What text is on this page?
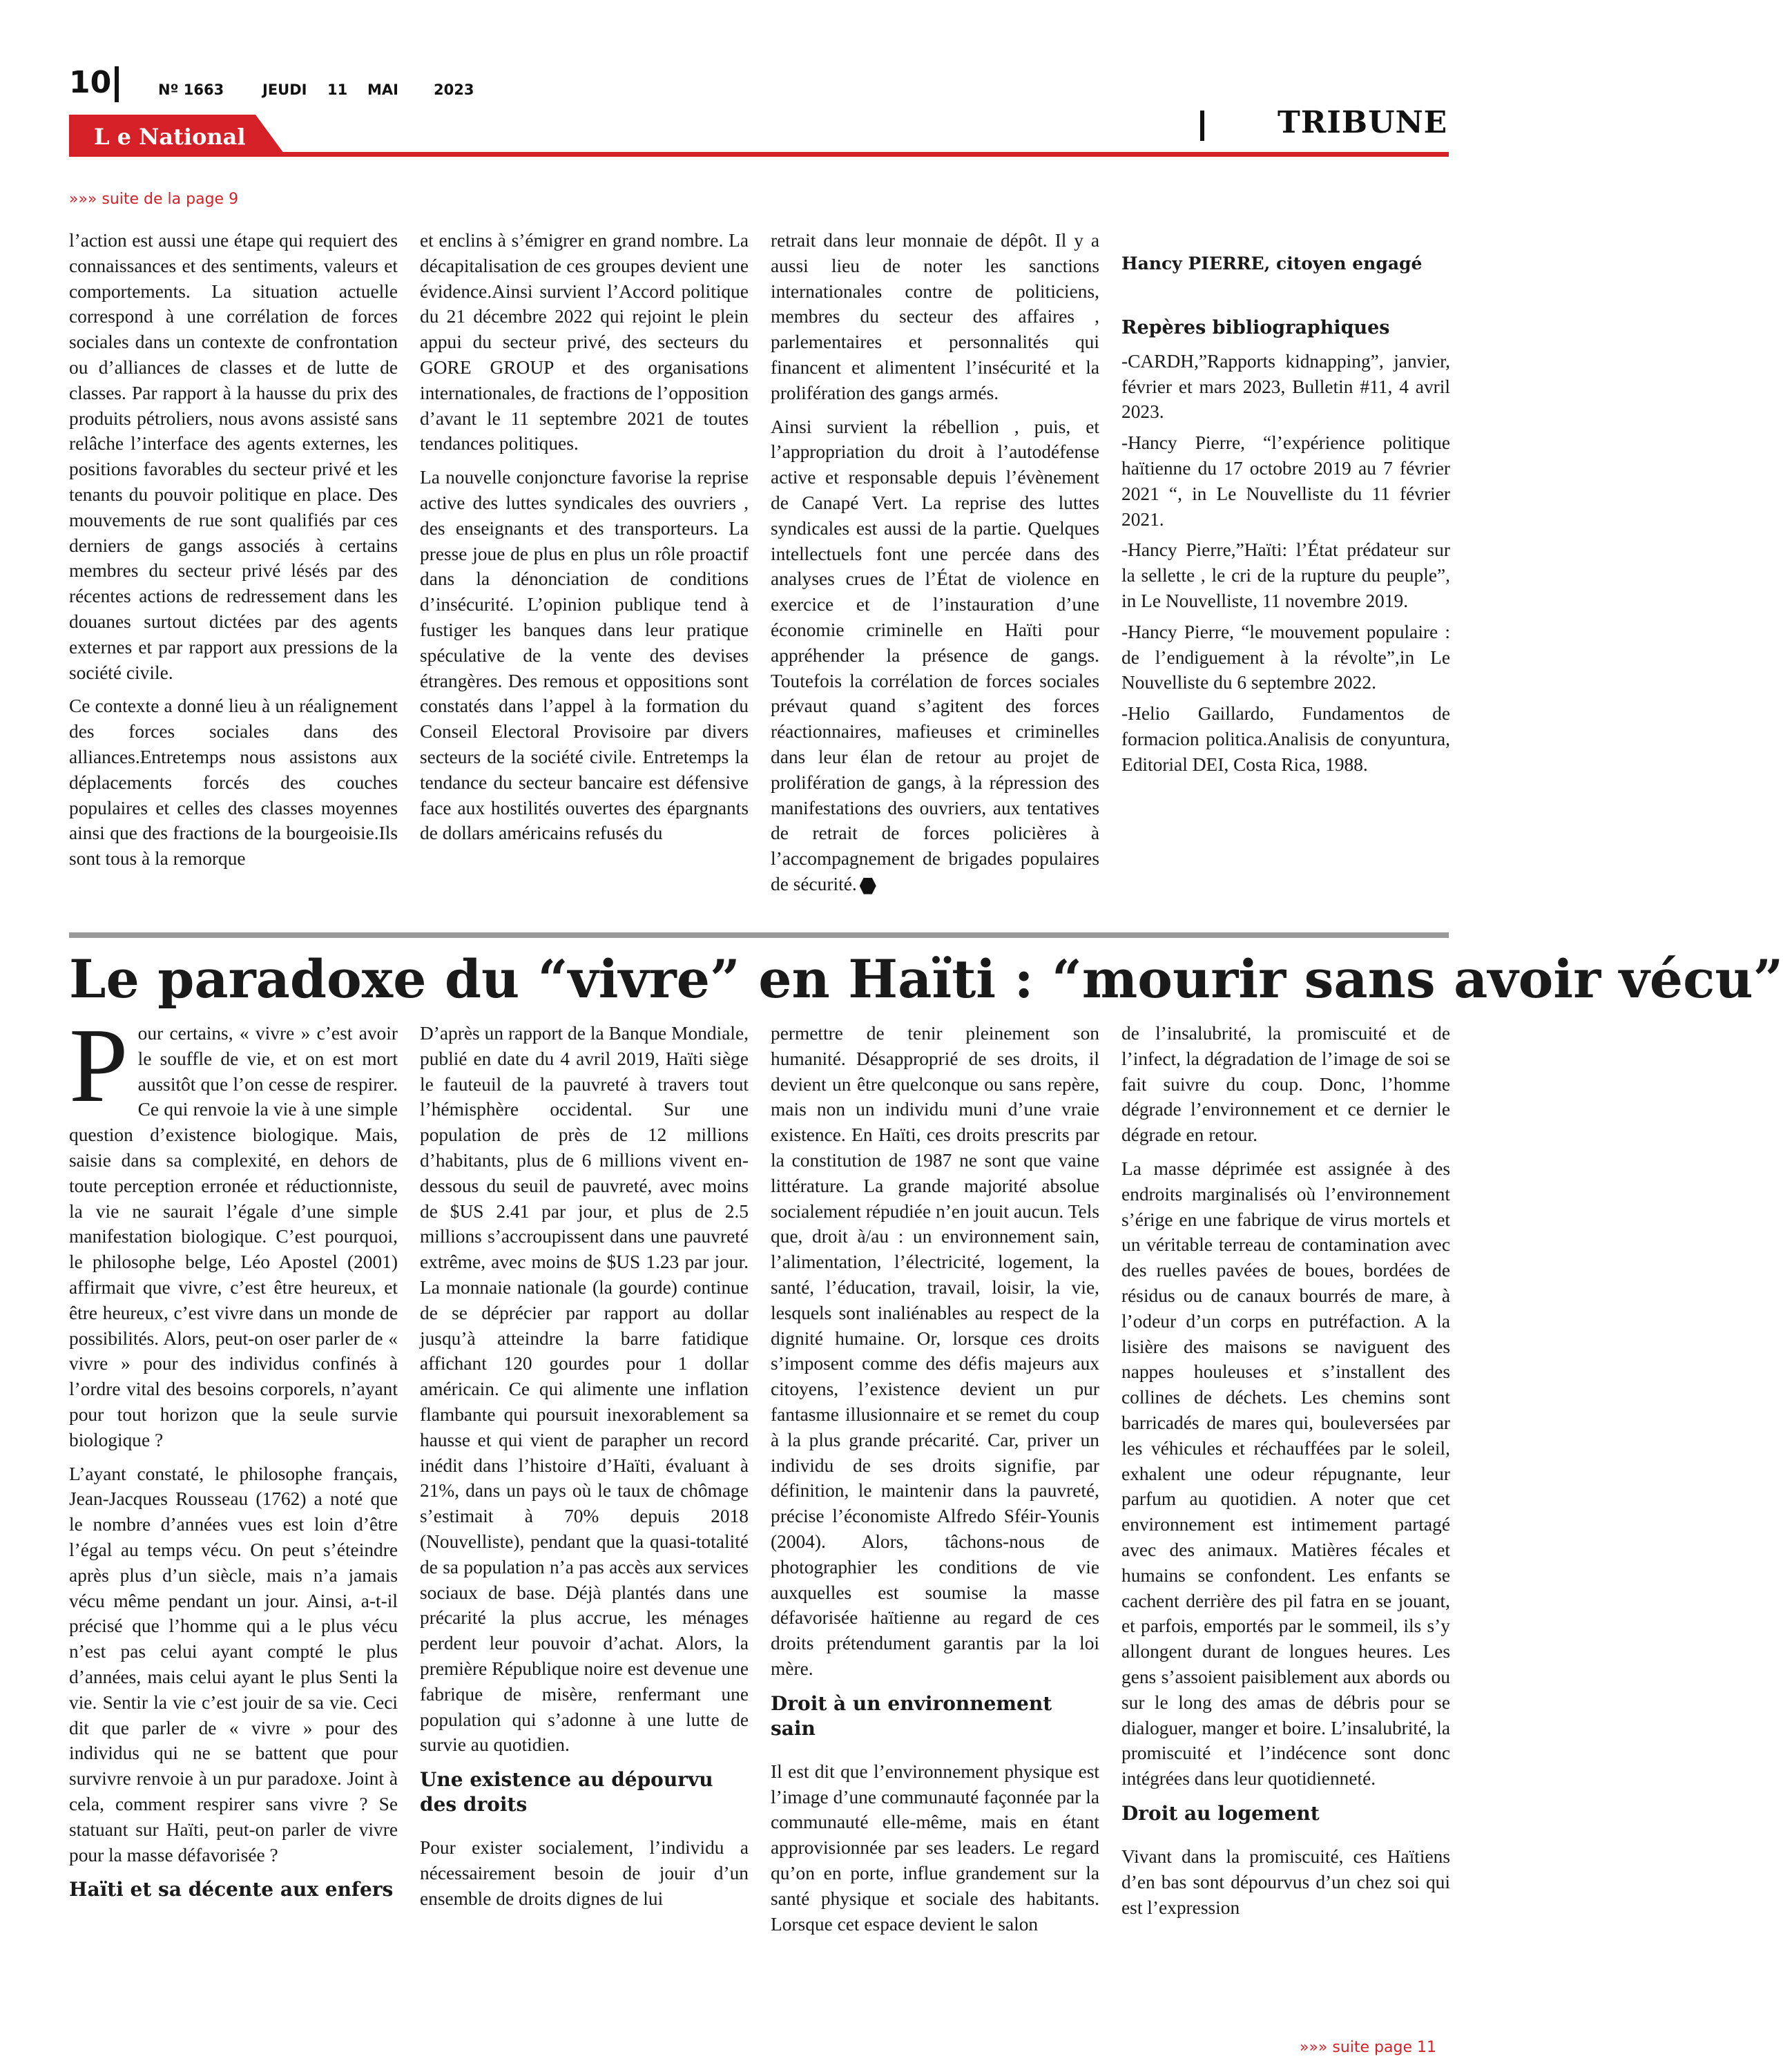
10	Nº 1663	JEUDI 11 MAI 2023
L e National	TRIBUNE
»»» suite de la page 9

l’action est aussi une étape qui requiert des connaissances et des sentiments, valeurs et comportements. La situation actuelle correspond à une corrélation de forces sociales dans un contexte de confrontation ou d’alliances de classes et de lutte de classes. Par rapport à la hausse du prix des produits pétroliers, nous avons assisté sans relâche l’interface des agents externes, les positions favorables du secteur privé et les tenants du pouvoir politique en place. Des mouvements de rue sont qualifiés par ces derniers de gangs associés à certains membres du secteur privé lésés par des récentes actions de redressement dans les douanes surtout dictées par des agents externes et par rapport aux pressions de la société civile.

Ce contexte a donné lieu à un réalignement des forces sociales dans des alliances.Entretemps nous assistons aux déplacements forcés des couches populaires et celles des classes moyennes ainsi que des fractions de la bourgeoisie.Ils sont tous à la remorque

et enclins à s’émigrer en grand nombre. La décapitalisation de ces groupes devient une évidence.Ainsi survient l’Accord politique du 21 décembre 2022 qui rejoint le plein appui du secteur privé, des secteurs du GORE GROUP et des organisations internationales, de fractions de l’opposition d’avant le 11 septembre 2021 de toutes tendances politiques.

La nouvelle conjoncture favorise la reprise active des luttes syndicales des ouvriers , des enseignants et des transporteurs. La presse joue de plus en plus un rôle proactif dans la dénonciation de conditions d’insécurité. L’opinion publique tend à fustiger les banques dans leur pratique spéculative de la vente des devises étrangères. Des remous et oppositions sont constatés dans l’appel à la formation du Conseil Electoral Provisoire par divers secteurs de la société civile. Entretemps la tendance du secteur bancaire est défensive face aux hostilités ouvertes des épargnants de dollars américains refusés du

retrait dans leur monnaie de dépôt. Il y a aussi lieu de noter les sanctions internationales contre de politiciens, membres du secteur des affaires , parlementaires et personnalités qui financent et alimentent l’insécurité et la prolifération des gangs armés.

Ainsi survient la rébellion , puis, et l’appropriation du droit à l’autodéfense active et responsable depuis l’évènement de Canapé Vert. La reprise des luttes syndicales est aussi de la partie. Quelques intellectuels font une percée dans des analyses crues de l’État de violence en exercice et de l’instauration d’une économie criminelle en Haïti pour appréhender la présence de gangs. Toutefois la corrélation de forces sociales prévaut quand s’agitent des forces réactionnaires, mafieuses et criminelles dans leur élan de retour au projet de prolifération de gangs, à la répression des manifestations des ouvriers, aux tentatives de retrait de forces policières à l’accompagnement de brigades populaires de sécurité.

Hancy PIERRE, citoyen engagé

Repères bibliographiques

-CARDH,”Rapports kidnapping”, janvier, février et mars 2023, Bulletin #11, 4 avril 2023.

-Hancy Pierre, “l’expérience politique haïtienne du 17 octobre 2019 au 7 février 2021 “, in Le Nouvelliste du 11 février 2021.

-Hancy Pierre,”Haïti: l’État prédateur sur la sellette , le cri de la rupture du peuple”, in Le Nouvelliste, 11 novembre 2019.

-Hancy Pierre, “le mouvement populaire : de l’endiguement à la révolte”,in Le Nouvelliste du 6 septembre 2022.

-Helio Gaillardo, Fundamentos de formacion politica.Analisis de conyuntura, Editorial DEI, Costa Rica, 1988.

Le paradoxe du “vivre” en Haïti : “mourir sans avoir vécu”

Pour certains, « vivre » c’est avoir le souffle de vie, et on est mort aussitôt que l’on cesse de respirer. Ce qui renvoie la vie à une simple question d’existence biologique. Mais, saisie dans sa complexité, en dehors de toute perception erronée et réductionniste, la vie ne saurait l’égale d’une simple manifestation biologique. C’est pourquoi, le philosophe belge, Léo Apostel (2001) affirmait que vivre, c’est être heureux, et être heureux, c’est vivre dans un monde de possibilités. Alors, peut-on oser parler de « vivre » pour des individus confinés à l’ordre vital des besoins corporels, n’ayant pour tout horizon que la seule survie biologique ?

L’ayant constaté, le philosophe français, Jean-Jacques Rousseau (1762) a noté que le nombre d’années vues est loin d’être l’égal au temps vécu. On peut s’éteindre après plus d’un siècle, mais n’a jamais vécu même pendant un jour. Ainsi, a-t-il précisé que l’homme qui a le plus vécu n’est pas celui ayant compté le plus d’années, mais celui ayant le plus Senti la vie. Sentir la vie c’est jouir de sa vie. Ceci dit que parler de « vivre » pour des individus qui ne se battent que pour survivre renvoie à un pur paradoxe. Joint à cela, comment respirer sans vivre ? Se statuant sur Haïti, peut-on parler de vivre pour la masse défavorisée ?

Haïti et sa décente aux enfers

D’après un rapport de la Banque Mondiale, publié en date du 4 avril 2019, Haïti siège le fauteuil de la pauvreté à travers tout l’hémisphère occidental. Sur une population de près de 12 millions d’habitants, plus de 6 millions vivent en-dessous du seuil de pauvreté, avec moins de $US 2.41 par jour, et plus de 2.5 millions s’accroupissent dans une pauvreté extrême, avec moins de $US 1.23 par jour. La monnaie nationale (la gourde) continue de se déprécier par rapport au dollar jusqu’à atteindre la barre fatidique affichant 120 gourdes pour 1 dollar américain. Ce qui alimente une inflation flambante qui poursuit inexorablement sa hausse et qui vient de parapher un record inédit dans l’histoire d’Haïti, évaluant à 21%, dans un pays où le taux de chômage s’estimait à 70% depuis 2018 (Nouvelliste), pendant que la quasi-totalité de sa population n’a pas accès aux services sociaux de base. Déjà plantés dans une précarité la plus accrue, les ménages perdent leur pouvoir d’achat. Alors, la première République noire est devenue une fabrique de misère, renfermant une population qui s’adonne à une lutte de survie au quotidien.

Une existence au dépourvu des droits

Pour exister socialement, l’individu a nécessairement besoin de jouir d’un ensemble de droits dignes de lui

permettre de tenir pleinement son humanité. Désapproprié de ses droits, il devient un être quelconque ou sans repère, mais non un individu muni d’une vraie existence. En Haïti, ces droits prescrits par la constitution de 1987 ne sont que vaine littérature. La grande majorité absolue socialement répudiée n’en jouit aucun. Tels que, droit à/au : un environnement sain, l’alimentation, l’électricité, logement, la santé, l’éducation, travail, loisir, la vie, lesquels sont inaliénables au respect de la dignité humaine. Or, lorsque ces droits s’imposent comme des défis majeurs aux citoyens, l’existence devient un pur fantasme illusionnaire et se remet du coup à la plus grande précarité. Car, priver un individu de ses droits signifie, par définition, le maintenir dans la pauvreté, précise l’économiste Alfredo Sféir-Younis (2004). Alors, tâchons-nous de photographier les conditions de vie auxquelles est soumise la masse défavorisée haïtienne au regard de ces droits prétendument garantis par la loi mère.

Droit à un environnement sain

Il est dit que l’environnement physique est l’image d’une communauté façonnée par la communauté elle-même, mais en étant approvisionnée par ses leaders. Le regard qu’on en porte, influe grandement sur la santé physique et sociale des habitants. Lorsque cet espace devient le salon

de l’insalubrité, la promiscuité et de l’infect, la dégradation de l’image de soi se fait suivre du coup. Donc, l’homme dégrade l’environnement et ce dernier le dégrade en retour.

La masse déprimée est assignée à des endroits marginalisés où l’environnement s’érige en une fabrique de virus mortels et un véritable terreau de contamination avec des ruelles pavées de boues, bordées de résidus ou de canaux bourrés de mare, à l’odeur d’un corps en putréfaction. A la lisière des maisons se naviguent des nappes houleuses et s’installent des collines de déchets. Les chemins sont barricadés de mares qui, bouleversées par les véhicules et réchauffées par le soleil, exhalent une odeur répugnante, leur parfum au quotidien. A noter que cet environnement est intimement partagé avec des animaux. Matières fécales et humains se confondent. Les enfants se cachent derrière des pil fatra en se jouant, et parfois, emportés par le sommeil, ils s’y allongent durant de longues heures. Les gens s’assoient paisiblement aux abords ou sur le long des amas de débris pour se dialoguer, manger et boire. L’insalubrité, la promiscuité et l’indécence sont donc intégrées dans leur quotidienneté.

Droit au logement

Vivant dans la promiscuité, ces Haïtiens d’en bas sont dépourvus d’un chez soi qui est l’expression

»»» suite page 11
